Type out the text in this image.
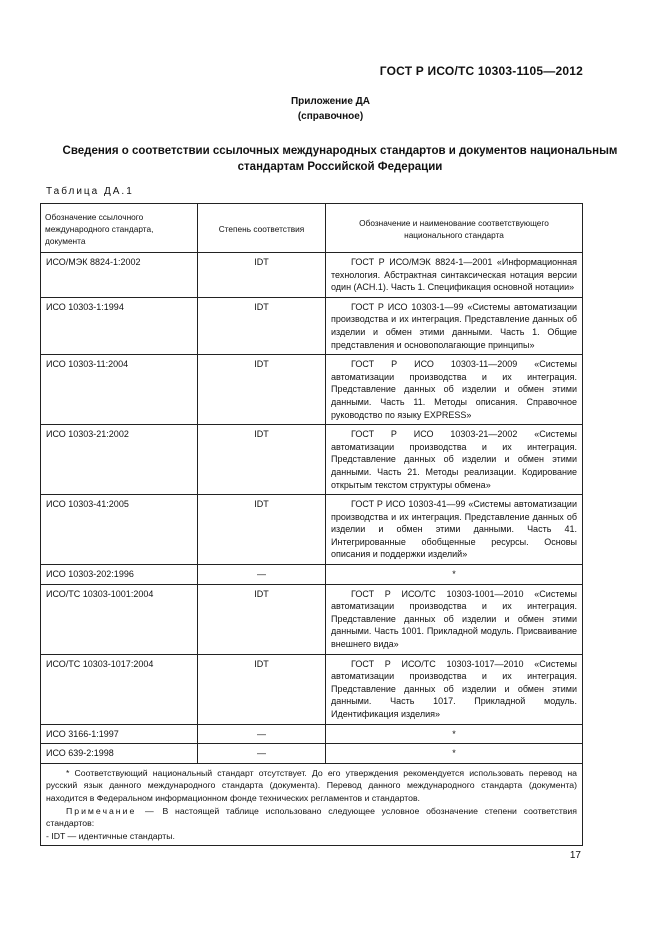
ГОСТ Р ИСО/ТС 10303-1105—2012
Приложение ДА
(справочное)
Сведения о соответствии ссылочных международных стандартов и документов национальным стандартам Российской Федерации
Таблица ДА.1
Обозначение ссылочного международного стандарта, документа	Степень соответствия	Обозначение и наименование соответствующего национального стандарта
ИСО/МЭК 8824-1:2002	IDT	ГОСТ Р ИСО/МЭК 8824-1—2001 «Информационная технология. Абстрактная синтаксическая нотация версии один (АСН.1). Часть 1. Спецификация основной нотации»
ИСО 10303-1:1994	IDT	ГОСТ Р ИСО 10303-1—99 «Системы автоматизации производства и их интеграция. Представление данных об изделии и обмен этими данными. Часть 1. Общие представления и основополагающие принципы»
ИСО 10303-11:2004	IDT	ГОСТ Р ИСО 10303-11—2009 «Системы автоматизации производства и их интеграция. Представление данных об изделии и обмен этими данными. Часть 11. Методы описания. Справочное руководство по языку EXPRESS»
ИСО 10303-21:2002	IDT	ГОСТ Р ИСО 10303-21—2002 «Системы автоматизации производства и их интеграция. Представление данных об изделии и обмен этими данными. Часть 21. Методы реализации. Кодирование открытым текстом структуры обмена»
ИСО 10303-41:2005	IDT	ГОСТ Р ИСО 10303-41—99 «Системы автоматизации производства и их интеграция. Представление данных об изделии и обмен этими данными. Часть 41. Интегрированные обобщенные ресурсы. Основы описания и поддержки изделий»
ИСО 10303-202:1996	—	*
ИСО/ТС 10303-1001:2004	IDT	ГОСТ Р ИСО/ТС 10303-1001—2010 «Системы автоматизации производства и их интеграция. Представление данных об изделии и обмен этими данными. Часть 1001. Прикладной модуль. Присваивание внешнего вида»
ИСО/ТС 10303-1017:2004	IDT	ГОСТ Р ИСО/ТС 10303-1017—2010 «Системы автоматизации производства и их интеграция. Представление данных об изделии и обмен этими данными. Часть 1017. Прикладной модуль. Идентификация изделия»
ИСО 3166-1:1997	—	*
ИСО 639-2:1998	—	*

* Соответствующий национальный стандарт отсутствует. До его утверждения рекомендуется использовать перевод на русский язык данного международного стандарта (документа). Перевод данного международного стандарта (документа) находится в Федеральном информационном фонде технических регламентов и стандартов.
Примечание — В настоящей таблице использовано следующее условное обозначение степени соответствия стандартов:
- IDT — идентичные стандарты.		
17
